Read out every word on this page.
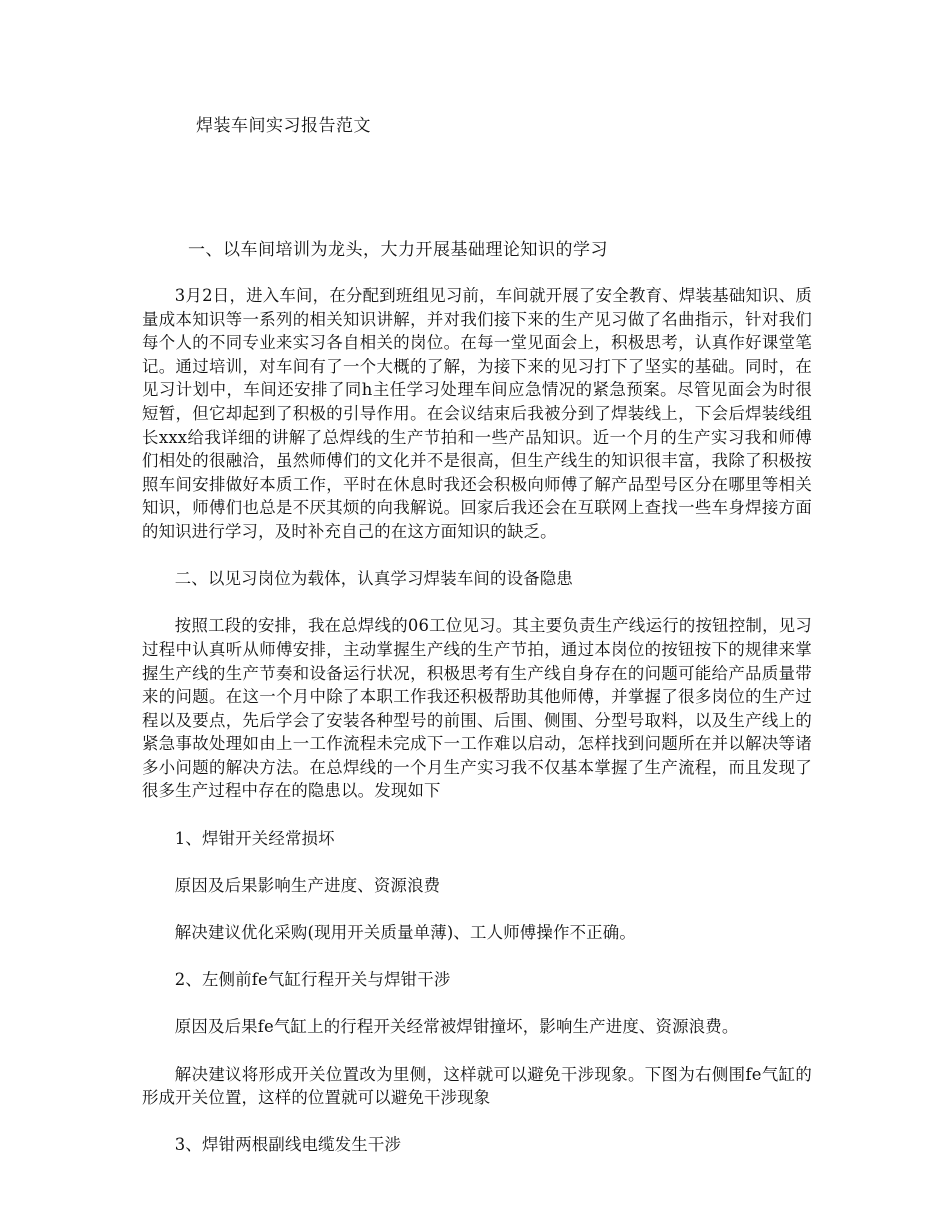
焊装车间实习报告范文
一、以车间培训为龙头，大力开展基础理论知识的学习

3月2日，进入车间，在分配到班组见习前，车间就开展了安全教育、焊装基础知识、质量成本知识等一系列的相关知识讲解，并对我们接下来的生产见习做了名曲指示，针对我们每个人的不同专业来实习各自相关的岗位。在每一堂见面会上，积极思考，认真作好课堂笔记。通过培训，对车间有了一个大概的了解，为接下来的见习打下了坚实的基础。同时，在见习计划中，车间还安排了同h主任学习处理车间应急情况的紧急预案。尽管见面会为时很短暂，但它却起到了积极的引导作用。在会议结束后我被分到了焊装线上，下会后焊装线组长xxx给我详细的讲解了总焊线的生产节拍和一些产品知识。近一个月的生产实习我和师傅们相处的很融洽，虽然师傅们的文化并不是很高，但生产线生的知识很丰富，我除了积极按照车间安排做好本质工作，平时在休息时我还会积极向师傅了解产品型号区分在哪里等相关知识，师傅们也总是不厌其烦的向我解说。回家后我还会在互联网上查找一些车身焊接方面的知识进行学习，及时补充自己的在这方面知识的缺乏。

二、以见习岗位为载体，认真学习焊装车间的设备隐患

按照工段的安排，我在总焊线的06工位见习。其主要负责生产线运行的按钮控制，见习过程中认真听从师傅安排，主动掌握生产线的生产节拍，通过本岗位的按钮按下的规律来掌握生产线的生产节奏和设备运行状况，积极思考有生产线自身存在的问题可能给产品质量带来的问题。在这一个月中除了本职工作我还积极帮助其他师傅，并掌握了很多岗位的生产过程以及要点，先后学会了安装各种型号的前围、后围、侧围、分型号取料，以及生产线上的紧急事故处理如由上一工作流程未完成下一工作难以启动，怎样找到问题所在并以解决等诸多小问题的解决方法。在总焊线的一个月生产实习我不仅基本掌握了生产流程，而且发现了很多生产过程中存在的隐患以。发现如下

1、焊钳开关经常损坏

原因及后果影响生产进度、资源浪费

解决建议优化采购(现用开关质量单薄)、工人师傅操作不正确。

2、左侧前fe气缸行程开关与焊钳干涉

原因及后果fe气缸上的行程开关经常被焊钳撞坏，影响生产进度、资源浪费。

解决建议将形成开关位置改为里侧，这样就可以避免干涉现象。下图为右侧围fe气缸的形成开关位置，这样的位置就可以避免干涉现象

3、焊钳两根副线电缆发生干涉
